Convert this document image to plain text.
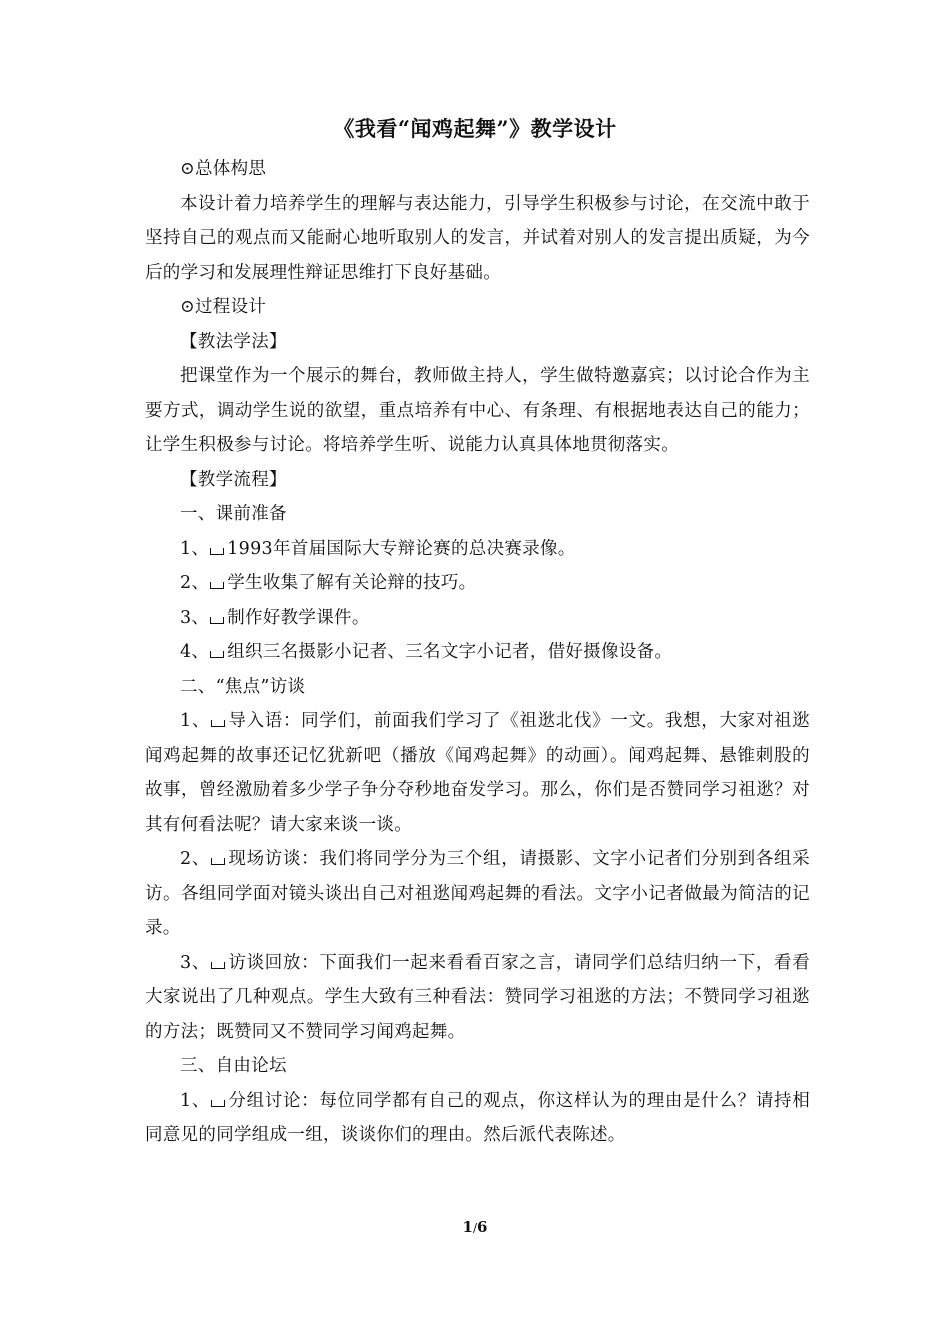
《我看“闻鸡起舞”》教学设计

⊙总体构思

本设计着力培养学生的理解与表达能力，引导学生积极参与讨论，在交流中敢于坚持自己的观点而又能耐心地听取别人的发言，并试着对别人的发言提出质疑，为今后的学习和发展理性辩证思维打下良好基础。

⊙过程设计

【教法学法】

把课堂作为一个展示的舞台，教师做主持人，学生做特邀嘉宾；以讨论合作为主要方式，调动学生说的欲望，重点培养有中心、有条理、有根据地表达自己的能力；让学生积极参与讨论。将培养学生听、说能力认真具体地贯彻落实。

【教学流程】

一、课前准备

1、 1993年首届国际大专辩论赛的总决赛录像。

2、 学生收集了解有关论辩的技巧。

3、 制作好教学课件。

4、 组织三名摄影小记者、三名文字小记者，借好摄像设备。

二、“焦点”访谈

1、 导入语：同学们，前面我们学习了《祖逖北伐》一文。我想，大家对祖逖闻鸡起舞的故事还记忆犹新吧（播放《闻鸡起舞》的动画）。闻鸡起舞、悬锥刺股的故事，曾经激励着多少学子争分夺秒地奋发学习。那么，你们是否赞同学习祖逖？对其有何看法呢？请大家来谈一谈。

2、 现场访谈：我们将同学分为三个组，请摄影、文字小记者们分别到各组采访。各组同学面对镜头谈出自己对祖逖闻鸡起舞的看法。文字小记者做最为简洁的记录。

3、 访谈回放：下面我们一起来看看百家之言，请同学们总结归纳一下，看看大家说出了几种观点。学生大致有三种看法：赞同学习祖逖的方法；不赞同学习祖逖的方法；既赞同又不赞同学习闻鸡起舞。

三、自由论坛

1、 分组讨论：每位同学都有自己的观点，你这样认为的理由是什么？请持相同意见的同学组成一组，谈谈你们的理由。然后派代表陈述。

1/6
